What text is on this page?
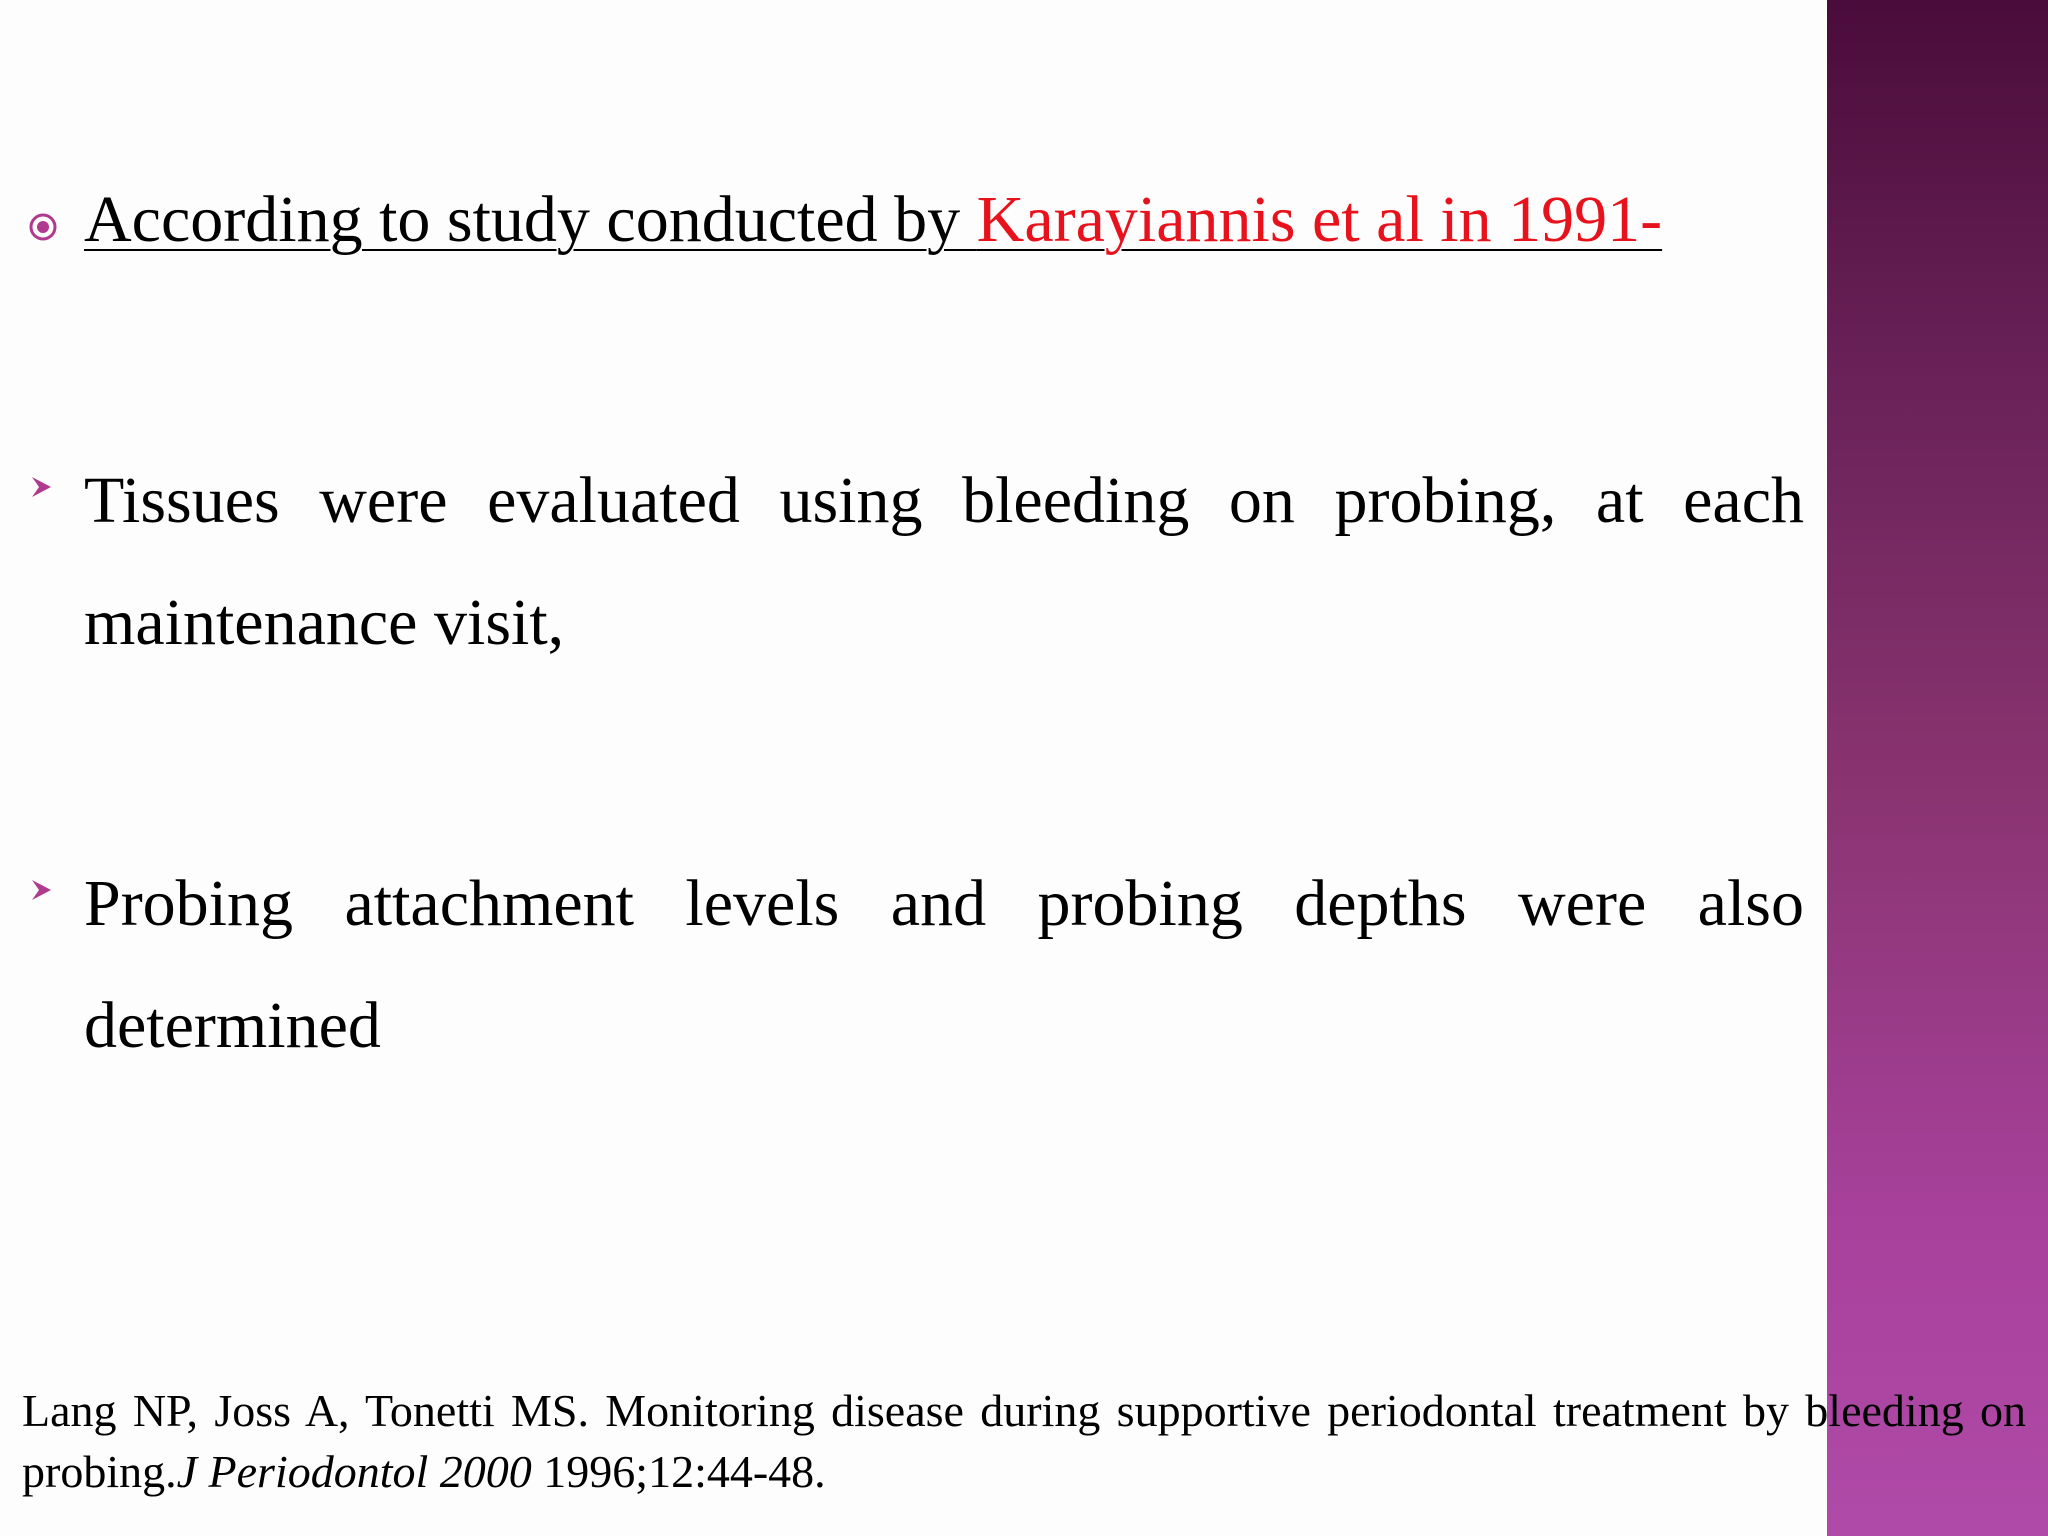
According to study conducted by Karayiannis et al in 1991-
Tissues were evaluated using bleeding on probing, at each maintenance visit,
Probing attachment levels and probing depths were also determined
Lang NP, Joss A, Tonetti MS. Monitoring disease during supportive periodontal treatment by bleeding on probing.J Periodontol 2000 1996;12:44-48.
